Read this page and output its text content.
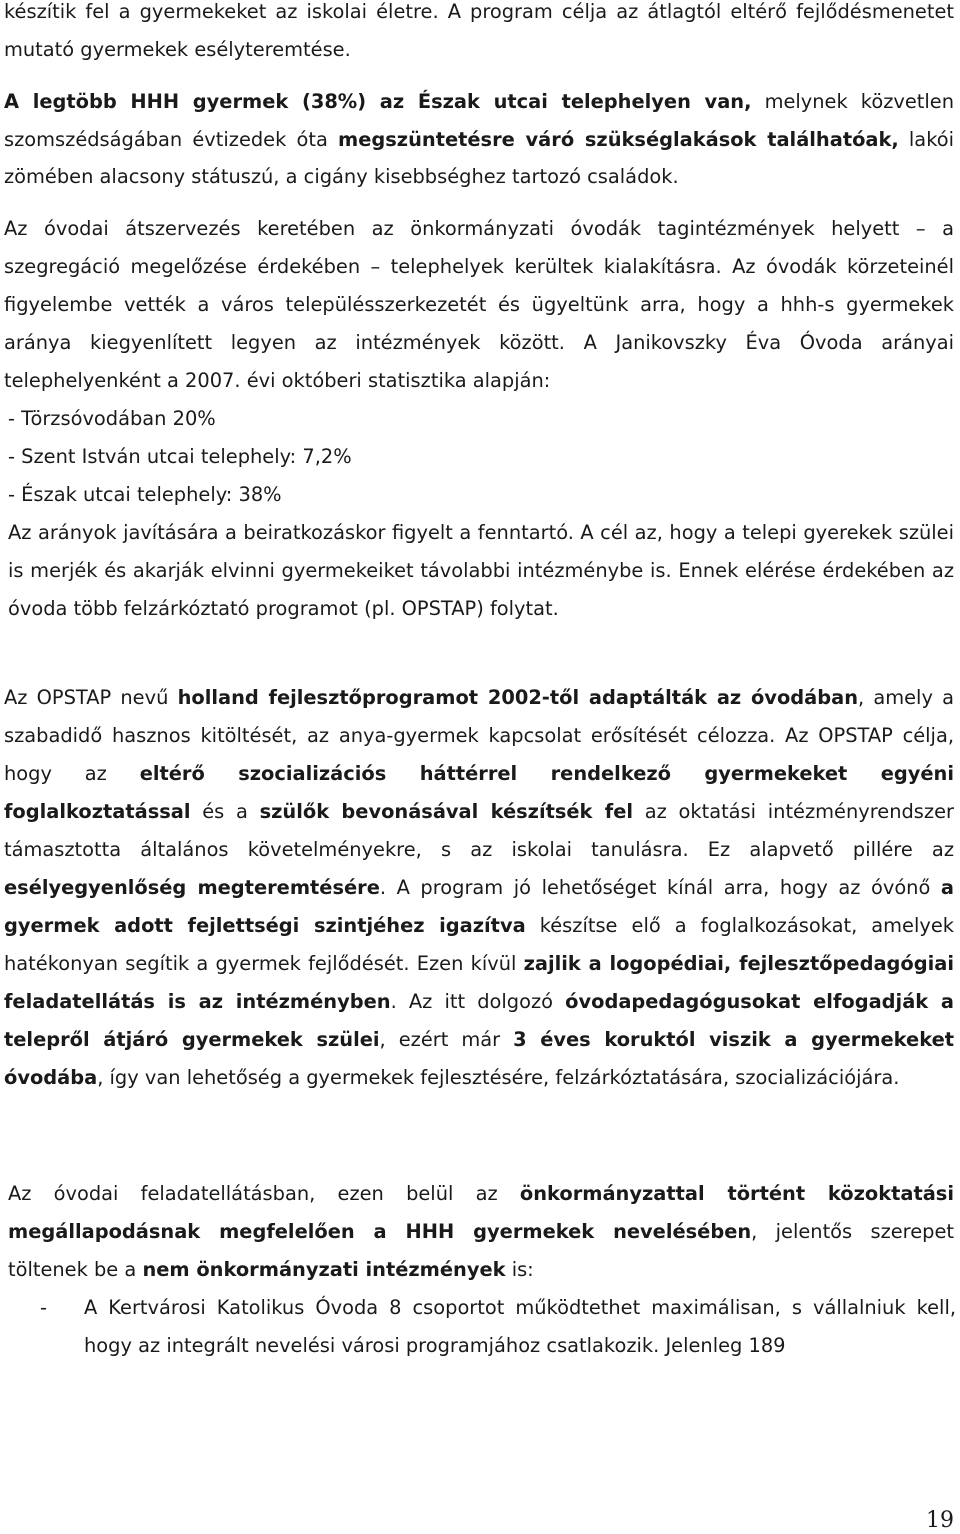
készítik fel a gyermekeket az iskolai életre. A program célja az átlagtól eltérő fejlődésmenetet mutató gyermekek esélyteremtése.

A legtöbb HHH gyermek (38%) az Észak utcai telephelyen van, melynek közvetlen szomszédságában évtizedek óta megszüntetésre váró szükséglakások találhatóak, lakói zömében alacsony státuszú, a cigány kisebbséghez tartozó családok.

Az óvodai átszervezés keretében az önkormányzati óvodák tagintézmények helyett – a szegregáció megelőzése érdekében – telephelyek kerültek kialakításra. Az óvodák körzeteinél figyelembe vették a város településszerkezetét és ügyeltünk arra, hogy a hhh-s gyermekek aránya kiegyenlített legyen az intézmények között. A Janikovszky Éva Óvoda arányai telephelyenként a 2007. évi októberi statisztika alapján:

- Törzsóvodában 20%
- Szent István utcai telephely: 7,2%
- Észak utcai telephely: 38%

Az arányok javítására a beiratkozáskor figyelt a fenntartó. A cél az, hogy a telepi gyerekek szülei is merjék és akarják elvinni gyermekeiket távolabbi intézménybe is. Ennek elérése érdekében az óvoda több felzárkóztató programot (pl. OPSTAP) folytat.

Az OPSTAP nevű holland fejlesztőprogramot 2002-től adaptálták az óvodában, amely a szabadidő hasznos kitöltését, az anya-gyermek kapcsolat erősítését célozza. Az OPSTAP célja, hogy az eltérő szocializációs háttérrel rendelkező gyermekeket egyéni foglalkoztatással és a szülők bevonásával készítsék fel az oktatási intézményrendszer támasztotta általános követelményekre, s az iskolai tanulásra. Ez alapvető pillére az esélyegyenlőség megteremtésére. A program jó lehetőséget kínál arra, hogy az óvónő a gyermek adott fejlettségi szintjéhez igazítva készítse elő a foglalkozásokat, amelyek hatékonyan segítik a gyermek fejlődését. Ezen kívül zajlik a logopédiai, fejlesztőpedagógiai feladatellátás is az intézményben. Az itt dolgozó óvodapedagógusokat elfogadják a telepről átjáró gyermekek szülei, ezért már 3 éves koruktól viszik a gyermekeket óvodába, így van lehetőség a gyermekek fejlesztésére, felzárkóztatására, szocializációjára.

Az óvodai feladatellátásban, ezen belül az önkormányzattal történt közoktatási megállapodásnak megfelelően a HHH gyermekek nevelésében, jelentős szerepet töltenek be a nem önkormányzati intézmények is:

- A Kertvárosi Katolikus Óvoda 8 csoportot működtethet maximálisan, s vállalniuk kell, hogy az integrált nevelési városi programjához csatlakozik. Jelenleg 189

19
